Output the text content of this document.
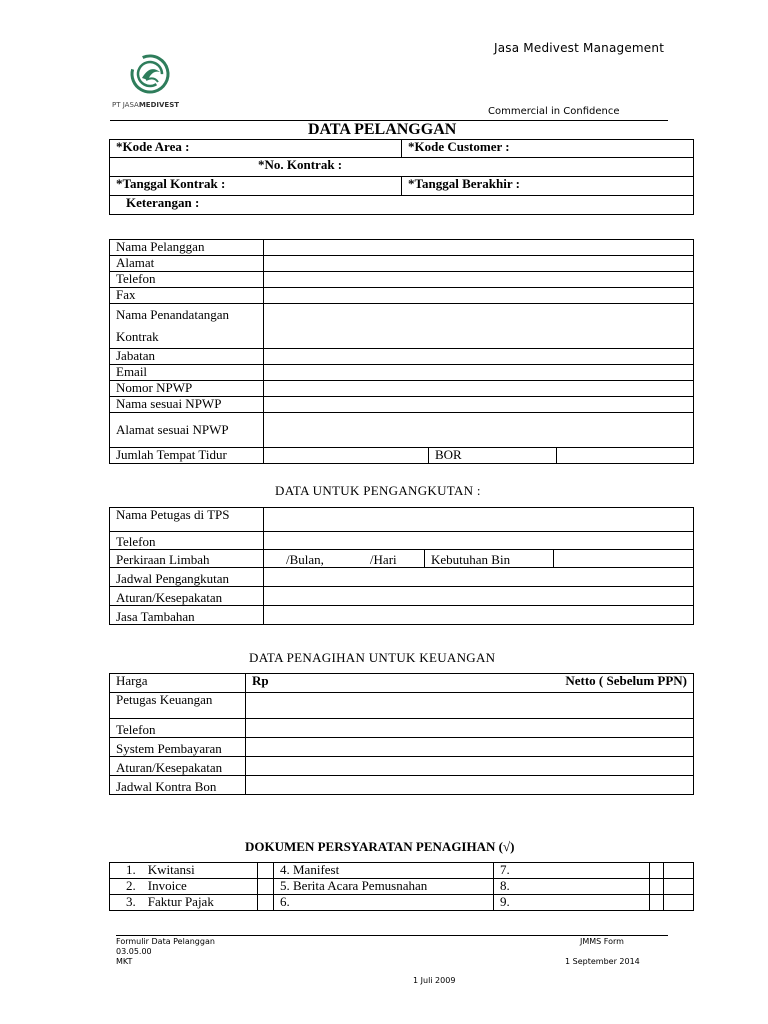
Jasa Medivest Management
PT JASAMEDIVEST
Commercial in Confidence
DATA PELANGGAN
*Kode Area :	*Kode Customer :
*No. Kontrak :	
*Tanggal Kontrak :	*Tanggal Berakhir :
Keterangan :	
Nama Pelanggan			
Alamat			
Telefon			
Fax			
Nama Penandatangan
Kontrak			
Jabatan			
Email			
Nomor NPWP			
Nama sesuai NPWP			
Alamat sesuai NPWP			
Jumlah Tempat Tidur		BOR	
DATA UNTUK PENGANGKUTAN :
Nama Petugas di TPS			
Telefon			
Perkiraan Limbah	/Bulan, /Hari	Kebutuhan Bin	
Jadwal Pengangkutan			
Aturan/Kesepakatan			
Jasa Tambahan			
DATA PENAGIHAN UNTUK KEUANGAN
Harga	Rp Netto ( Sebelum PPN)

Petugas Keuangan	
Telefon	
System Pembayaran	
Aturan/Kesepakatan	
Jadwal Kontra Bon	
DOKUMEN PERSYARATAN PENAGIHAN (√)
1. Kwitansi		4. Manifest	7.		
2. Invoice		5. Berita Acara Pemusnahan	8.		
3. Faktur Pajak		6.	9.		
Formulir Data Pelanggan
03.05.00
MKT
JMMS Form
1 September 2014
1 Juli 2009
